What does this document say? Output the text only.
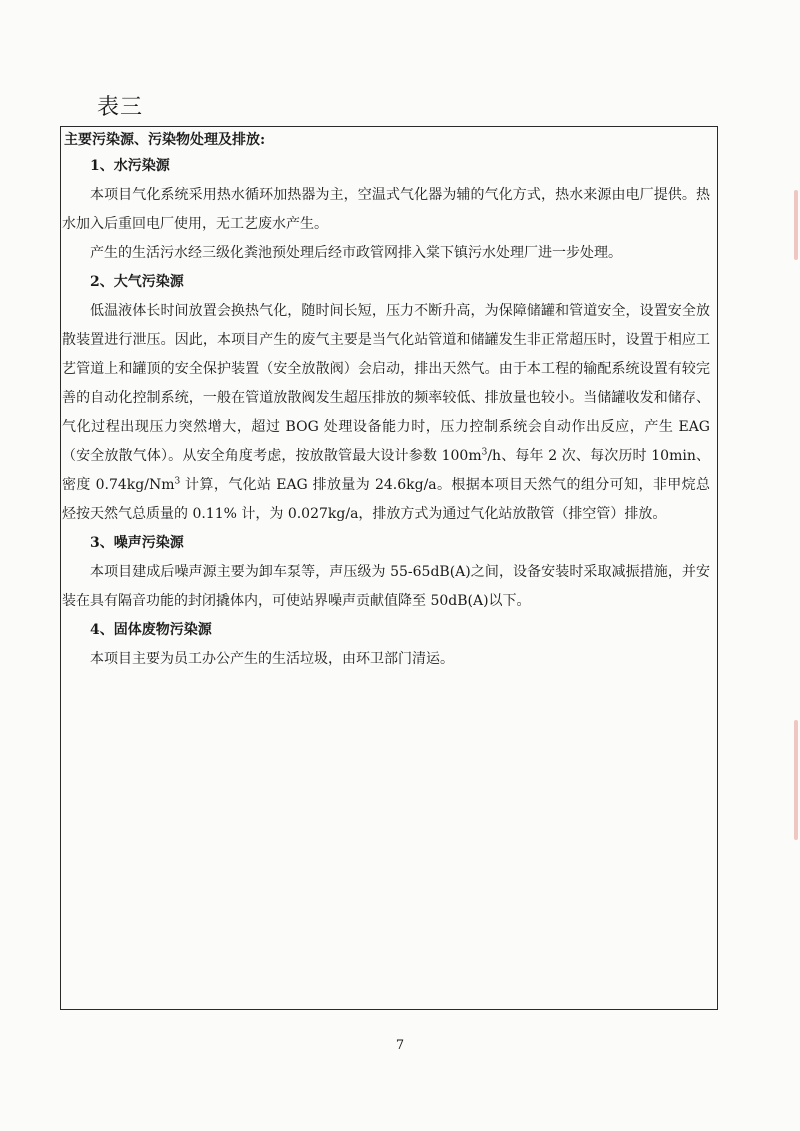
表三

主要污染源、污染物处理及排放:

1、水污染源

本项目气化系统采用热水循环加热器为主，空温式气化器为辅的气化方式，热水来源由电厂提供。热水加入后重回电厂使用，无工艺废水产生。

产生的生活污水经三级化粪池预处理后经市政管网排入棠下镇污水处理厂进一步处理。

2、大气污染源

低温液体长时间放置会换热气化，随时间长短，压力不断升高，为保障储罐和管道安全，设置安全放散装置进行泄压。因此，本项目产生的废气主要是当气化站管道和储罐发生非正常超压时，设置于相应工艺管道上和罐顶的安全保护装置（安全放散阀）会启动，排出天然气。由于本工程的输配系统设置有较完善的自动化控制系统，一般在管道放散阀发生超压排放的频率较低、排放量也较小。当储罐收发和储存、气化过程出现压力突然增大，超过 BOG 处理设备能力时，压力控制系统会自动作出反应，产生 EAG（安全放散气体）。从安全角度考虑，按放散管最大设计参数 $100m^3/h$、每年 2 次、每次历时 10min、密度 0.74kg/Nm$^3$ 计算，气化站 EAG 排放量为 24.6kg/a。根据本项目天然气的组分可知，非甲烷总烃按天然气总质量的 0.11% 计，为 0.027kg/a，排放方式为通过气化站放散管（排空管）排放。

3、噪声污染源

本项目建成后噪声源主要为卸车泵等，声压级为 55-65dB(A)之间，设备安装时采取减振措施，并安装在具有隔音功能的封闭撬体内，可使站界噪声贡献值降至 50dB(A)以下。

4、固体废物污染源

本项目主要为员工办公产生的生活垃圾，由环卫部门清运。

7
